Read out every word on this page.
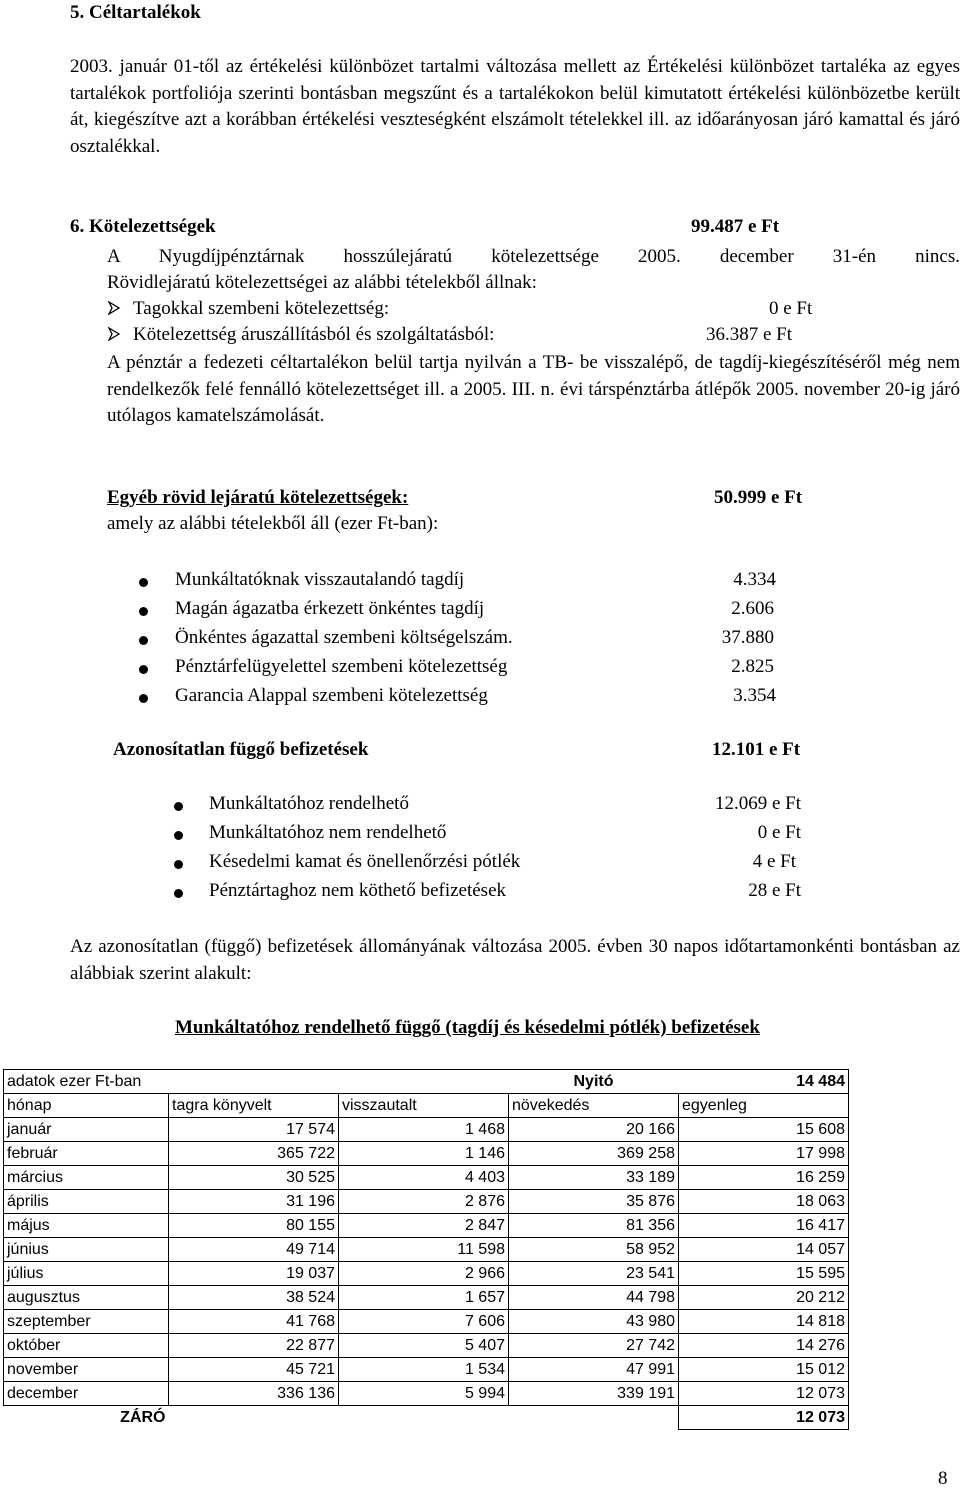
5. Céltartalékok
2003. január 01-től az értékelési különbözet tartalmi változása mellett az Értékelési különbözet tartaléka az egyes tartalékok portfoliója szerinti bontásban megszűnt és a tartalékokon belül kimutatott értékelési különbözetbe került át, kiegészítve azt a korábban értékelési veszteségként elszámolt tételekkel ill. az időarányosan járó kamattal és járó osztalékkal.
6. Kötelezettségek	99.487 e Ft
A Nyugdíjpénztárnak hosszúlejáratú kötelezettsége 2005. december 31-én nincs.
Rövidlejáratú kötelezettségei az alábbi tételekből állnak:
Tagokkal szembeni kötelezettség:	0 e Ft
Kötelezettség áruszállításból és szolgáltatásból:	36.387 e Ft
A pénztár a fedezeti céltartalékon belül tartja nyilván a TB- be visszalépő, de tagdíj-kiegészítéséről még nem rendelkezők felé fennálló kötelezettséget ill. a 2005. III. n. évi társpénztárba átlépők 2005. november 20-ig járó utólagos kamatelszámolását.
Egyéb rövid lejáratú kötelezettségek:	50.999 e Ft
amely az alábbi tételekből áll (ezer Ft-ban):
Munkáltatóknak visszautalandó tagdíj	4.334
Magán ágazatba érkezett önkéntes tagdíj	2.606
Önkéntes ágazattal szembeni költségelszám.	37.880
Pénztárfelügyelettel szembeni kötelezettség	2.825
Garancia Alappal szembeni kötelezettség	3.354
Azonosítatlan függő befizetések	12.101 e Ft
Munkáltatóhoz rendelhető	12.069 e Ft
Munkáltatóhoz nem rendelhető	0 e Ft
Késedelmi kamat és önellenőrzési pótlék	4 e Ft
Pénztártaghoz nem köthető befizetések	28 e Ft
Az azonosítatlan (függő) befizetések állományának változása 2005. évben 30 napos időtartamonkénti bontásban az alábbiak szerint alakult:
Munkáltatóhoz rendelhető függő (tagdíj és késedelmi pótlék) befizetések
adatok ezer Ft-ban			Nyitó	14 484
hónap	tagra könyvelt	visszautalt	növekedés	egyenleg
január	17 574	1 468	20 166	15 608
február	365 722	1 146	369 258	17 998
március	30 525	4 403	33 189	16 259
április	31 196	2 876	35 876	18 063
május	80 155	2 847	81 356	16 417
június	49 714	11 598	58 952	14 057
július	19 037	2 966	23 541	15 595
augusztus	38 524	1 657	44 798	20 212
szeptember	41 768	7 606	43 980	14 818
október	22 877	5 407	27 742	14 276
november	45 721	1 534	47 991	15 012
december	336 136	5 994	339 191	12 073
ZÁRÓ				12 073
8
